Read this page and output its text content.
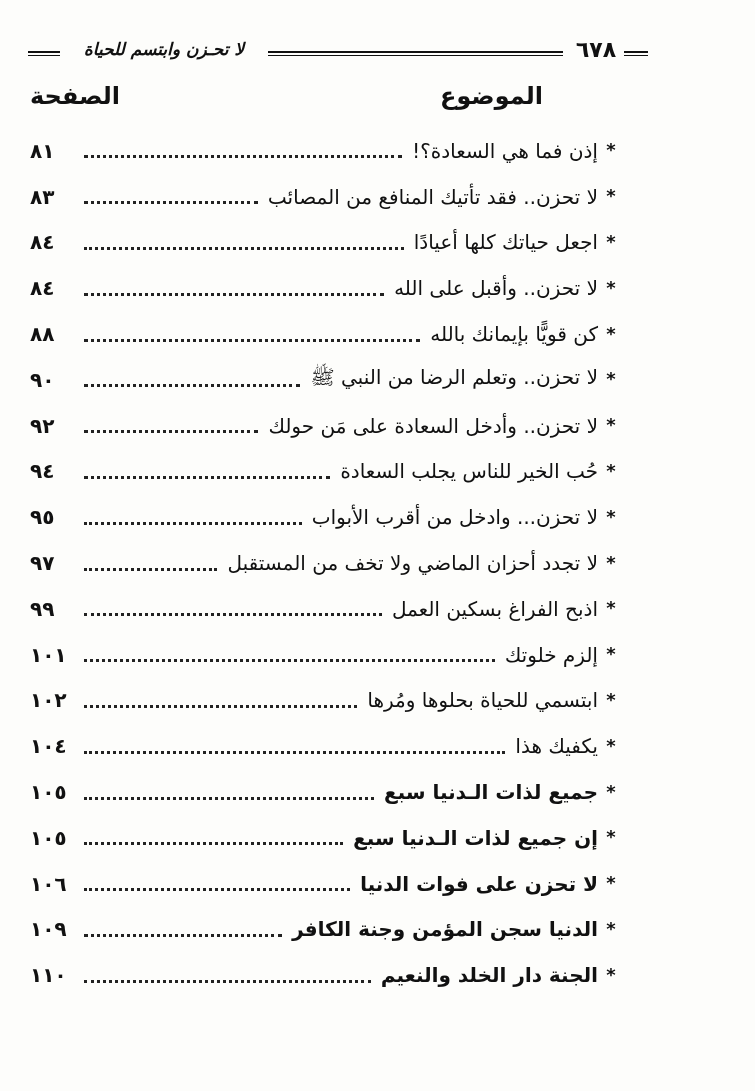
لا تحـزن وابتسم للحياة	٦٧٨
الموضوع
الصفحة
*
إذن فما هي السعادة؟!
٨١
*
لا تحزن.. فقد تأتيك المنافع من المصائب
٨٣
*
اجعل حياتك كلها أعيادًا
٨٤
*
لا تحزن.. وأقبل على الله
٨٤
*
كن قويًّا بإيمانك بالله
٨٨
*
لا تحزن.. وتعلم الرضا من النبي ﷺ
٩٠
*
لا تحزن.. وأدخل السعادة على مَن حولك
٩٢
*
حُب الخير للناس يجلب السعادة
٩٤
*
لا تحزن... وادخل من أقرب الأبواب
٩٥
*
لا تجدد أحزان الماضي ولا تخف من المستقبل
٩٧
*
اذبح الفراغ بسكين العمل
٩٩
*
إلزم خلوتك
١٠١
*
ابتسمي للحياة بحلوها ومُرها
١٠٢
*
يكفيك هذا
١٠٤
*
جميع لذات الـدنيا سبع
١٠٥
*
إن جميع لذات الـدنيا سبع
١٠٥
*
لا تحزن على فوات الدنيا
١٠٦
*
الدنيا سجن المؤمن وجنة الكافر
١٠٩
*
الجنة دار الخلد والنعيم
١١٠
